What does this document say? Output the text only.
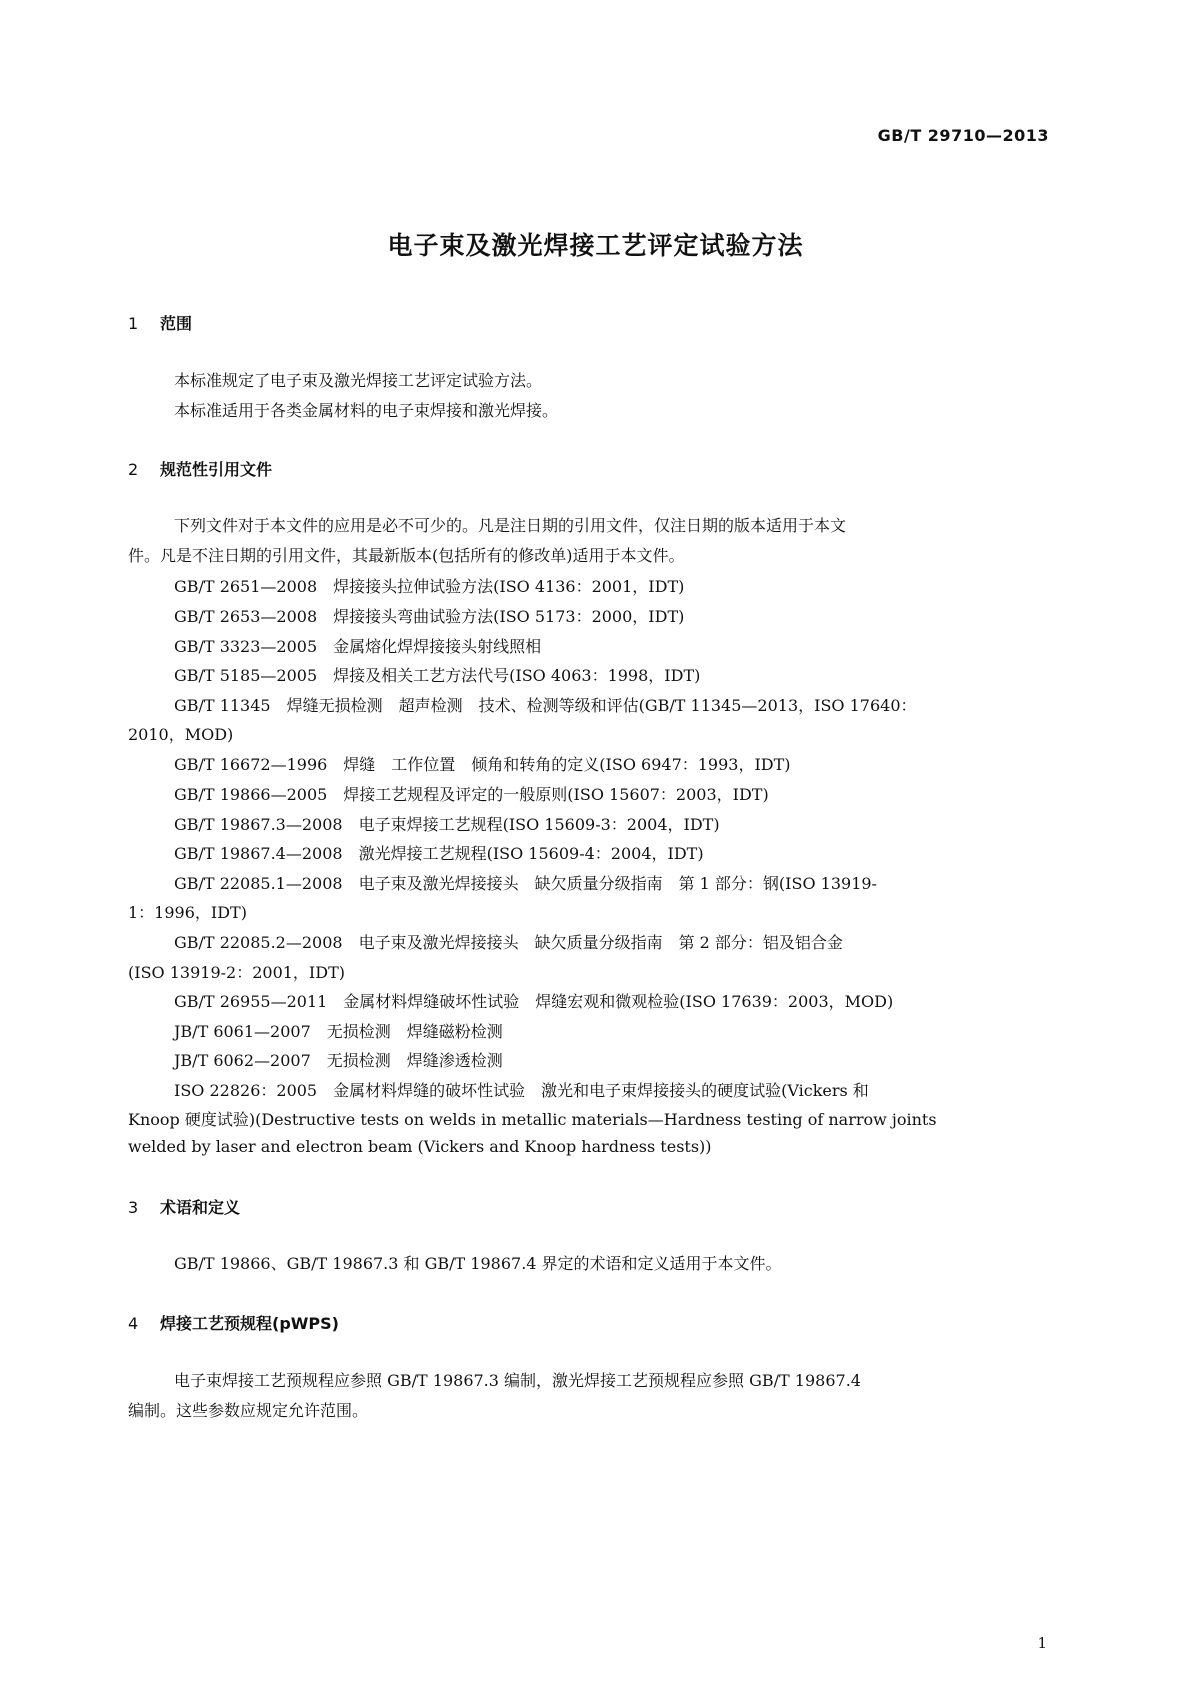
GB/T 29710—2013
电子束及激光焊接工艺评定试验方法
1 范围
本标准规定了电子束及激光焊接工艺评定试验方法。
本标准适用于各类金属材料的电子束焊接和激光焊接。
2 规范性引用文件
下列文件对于本文件的应用是必不可少的。凡是注日期的引用文件，仅注日期的版本适用于本文
件。凡是不注日期的引用文件，其最新版本(包括所有的修改单)适用于本文件。
GB/T 2651—2008　焊接接头拉伸试验方法(ISO 4136：2001，IDT)
GB/T 2653—2008　焊接接头弯曲试验方法(ISO 5173：2000，IDT)
GB/T 3323—2005　金属熔化焊焊接接头射线照相
GB/T 5185—2005　焊接及相关工艺方法代号(ISO 4063：1998，IDT)
GB/T 11345　焊缝无损检测　超声检测　技术、检测等级和评估(GB/T 11345—2013，ISO 17640：
2010，MOD)
GB/T 16672—1996　焊缝　工作位置　倾角和转角的定义(ISO 6947：1993，IDT)
GB/T 19866—2005　焊接工艺规程及评定的一般原则(ISO 15607：2003，IDT)
GB/T 19867.3—2008　电子束焊接工艺规程(ISO 15609-3：2004，IDT)
GB/T 19867.4—2008　激光焊接工艺规程(ISO 15609-4：2004，IDT)
GB/T 22085.1—2008　电子束及激光焊接接头　缺欠质量分级指南　第 1 部分：钢(ISO 13919-
1：1996，IDT)
GB/T 22085.2—2008　电子束及激光焊接接头　缺欠质量分级指南　第 2 部分：铝及铝合金
(ISO 13919-2：2001，IDT)
GB/T 26955—2011　金属材料焊缝破坏性试验　焊缝宏观和微观检验(ISO 17639：2003，MOD)
JB/T 6061—2007　无损检测　焊缝磁粉检测
JB/T 6062—2007　无损检测　焊缝渗透检测
ISO 22826：2005　金属材料焊缝的破坏性试验　激光和电子束焊接接头的硬度试验(Vickers 和
Knoop 硬度试验)(Destructive tests on welds in metallic materials—Hardness testing of narrow joints
welded by laser and electron beam (Vickers and Knoop hardness tests))
3 术语和定义
GB/T 19866、GB/T 19867.3 和 GB/T 19867.4 界定的术语和定义适用于本文件。
4 焊接工艺预规程(pWPS)
电子束焊接工艺预规程应参照 GB/T 19867.3 编制，激光焊接工艺预规程应参照 GB/T 19867.4
编制。这些参数应规定允许范围。
1
